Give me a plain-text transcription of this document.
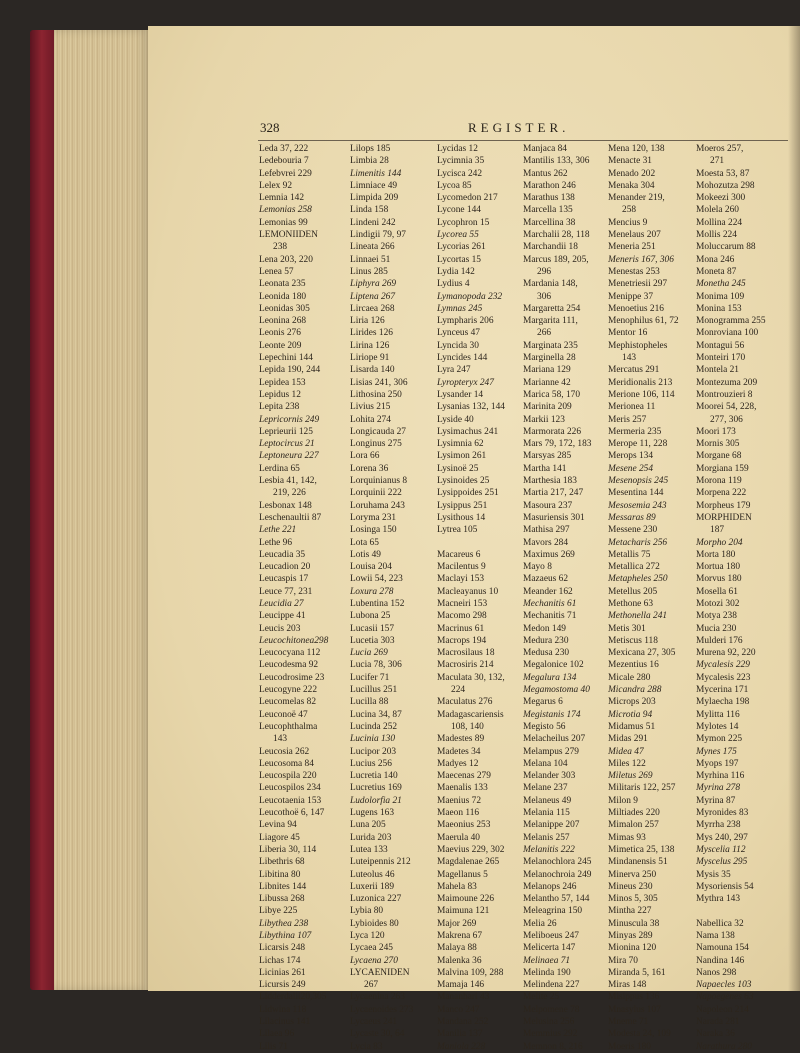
328	REGISTER.
Leda 37, 222
Ledebouria 7
Lefebvrei 229
Lelex 92
Lemnia 142
Lemonias 258
Lemonias 99
LEMONIIDEN
238
Lena 203, 220
Lenea 57
Leonata 235
Leonida 180
Leonidas 305
Leonina 268
Leonis 276
Leonte 209
Lepechini 144
Lepida 190, 244
Lepidea 153
Lepidus 12
Lepita 238
Lepricornis 249
Leprieurii 125
Leptocircus 21
Leptoneura 227
Lerdina 65
Lesbia 41, 142,
219, 226
Lesbonax 148
Leschenaultii 87
Lethe 221
Lethe 96
Leucadia 35
Leucadion 20
Leucaspis 17
Leuce 77, 231
Leucidia 27
Leucippe 41
Leucis 203
Leucochitonea298
Leucocyana 112
Leucodesma 92
Leucodrosime 23
Leucogyne 222
Leucomelas 82
Leuconoë 47
Leucophthalma
143
Leucosia 262
Leucosoma 84
Leucospila 220
Leucospilos 234
Leucotaenia 153
Leucothoë 6, 147
Levina 94
Liagore 45
Liberia 30, 114
Libethris 68
Libitina 80
Libnites 144
Libussa 268
Libye 225
Libythea 238
Libythina 107
Licarsis 248
Lichas 174
Licinias 261
Licursis 249
Lidderdalii20,305
Lidwina 118
Lilacinus 141
Lilaea 96
Lilis 71
Lilops 185
Limbia 28
Limenitis 144
Limniace 49
Limpida 209
Linda 158
Lindeni 242
Lindigii 79, 97
Lineata 266
Linnaei 51
Linus 285
Liphyra 269
Liptena 267
Lircaea 268
Liria 126
Lirides 126
Lirina 126
Liriope 91
Lisarda 140
Lisias 241, 306
Lithosina 250
Livius 215
Lohita 274
Longicauda 27
Longinus 275
Lora 66
Lorena 36
Lorquinianus 8
Lorquinii 222
Loruhama 243
Loryma 231
Losinga 150
Lota 65
Lotis 49
Louisa 204
Lowii 54, 223
Loxura 278
Lubentina 152
Lubona 25
Lucasii 157
Lucetia 303
Lucia 269
Lucia 78, 306
Lucifer 71
Lucillus 251
Lucilla 88
Lucina 34, 87
Lucinda 252
Lucinia 130
Lucipor 203
Lucius 256
Lucretia 140
Lucretius 169
Ludolorfia 21
Lugens 163
Luna 205
Lurida 203
Lutea 133
Luteipennis 212
Luteolus 46
Luxerii 189
Luzonica 227
Lybia 80
Lybioides 80
Lyca 120
Lycaea 245
Lycaena 270
LYCAENIDEN
267
Lycaenina 263
Lycaenoides 273
Lycaeus 241
Lycaste 30, 64
Lycia 83
Lycidas 12
Lycimnia 35
Lycisca 242
Lycoa 85
Lycomedon 217
Lycone 144
Lycophron 15
Lycorea 55
Lycorias 261
Lycortas 15
Lydia 142
Lydius 4
Lymanopoda 232
Lymnas 245
Lympharis 206
Lynceus 47
Lyncida 30
Lyncides 144
Lyra 247
Lyropteryx 247
Lysander 14
Lysanias 132, 144
Lyside 40
Lysimachus 241
Lysimnia 62
Lysimon 261
Lysinoë 25
Lysinoides 25
Lysippoides 251
Lysippus 251
Lysithous 14
Lytrea 105

Macareus 6
Macilentus 9
Maclayi 153
Macleayanus 10
Macneiri 153
Macomo 298
Macrinus 61
Macrops 194
Macrosilaus 18
Macrosiris 214
Maculata 30, 132,
224
Maculatus 276
Madagascariensis
108, 140
Madestes 89
Madetes 34
Madyes 12
Maecenas 279
Maenalis 133
Maenius 72
Maeon 116
Maeonius 253
Maerula 40
Maevius 229, 302
Magdalenae 265
Magellanus 5
Mahela 83
Maimoune 226
Maimuna 121
Major 269
Makrena 67
Malaya 88
Malenka 36
Malvina 109, 288
Mamaja 146
Mananhari 43
Manco 247
Mandana 252
Manilia 137
Maniola 228
Manjaca 84
Mantilis 133, 306
Mantus 262
Marathon 246
Marathus 138
Marcella 135
Marcellina 38
Marchalii 28, 118
Marchandii 18
Marcus 189, 205,
296
Mardania 148,
306
Margaretta 254
Margarita 111,
266
Marginata 235
Marginella 28
Mariana 129
Marianne 42
Marica 58, 170
Marinita 209
Markii 123
Marmorata 226
Mars 79, 172, 183
Marsyas 285
Martha 141
Marthesia 183
Martia 217, 247
Masoura 237
Masuriensis 301
Mathisa 297
Mavors 284
Maximus 269
Mayo 8
Mazaeus 62
Meander 162
Mechanitis 61
Mechanitis 71
Medon 149
Medura 230
Medusa 230
Megalonice 102
Megalura 134
Megamostoma 40
Megarus 6
Megistanis 174
Megisto 56
Melacheilus 207
Melampus 279
Melana 104
Melander 303
Melane 237
Melaneus 49
Melania 115
Melanippe 207
Melanis 257
Melanitis 222
Melanochlora 245
Melanochroia 249
Melanops 246
Melantho 57, 144
Meleagrina 150
Melia 26
Meliboeus 247
Melicerta 147
Melinaea 71
Melinda 190
Melindena 227
Melite 25
Melpomene 78
Melusina 256
Memmius 292
Memnon 8, 216
Mena 120, 138
Menacte 31
Menado 202
Menaka 304
Menander 219,
258
Mencius 9
Menelaus 207
Meneria 251
Meneris 167, 306
Menestas 253
Menetriesii 297
Menippe 37
Menoetius 216
Menophilus 61, 72
Mentor 16
Mephistopheles
143
Mercatus 291
Meridionalis 213
Merione 106, 114
Merionea 11
Meris 257
Mermeria 235
Merope 11, 228
Merops 134
Mesene 254
Mesenopsis 245
Mesentina 144
Mesosemia 243
Messaras 89
Messene 230
Metacharis 256
Metallis 75
Metallica 272
Metapheles 250
Metellus 205
Methone 63
Methonella 241
Metis 301
Metiscus 118
Mexicana 27, 305
Mezentius 16
Micale 280
Micandra 288
Microps 203
Microtia 94
Midamus 51
Midas 291
Midea 47
Miles 122
Miletus 269
Militaris 122, 257
Milon 9
Miltiades 220
Mimalon 257
Mimas 93
Mimetica 25, 138
Mindanensis 51
Minerva 250
Mineus 230
Minos 5, 305
Mintha 227
Minusculа 38
Minyas 289
Mionina 120
Mira 70
Miranda 5, 161
Miras 148
Misippus 136
Mnasylus 107
Mneme 71
Modesta 24, 109
Moeris 180
Moeros 257,
271
Moesta 53, 87
Mohozutza 298
Mokeezi 300
Molela 260
Mollina 224
Mollis 224
Moluccarum 88
Mona 246
Moneta 87
Monetha 245
Monima 109
Monina 153
Monogramma 255
Monroviana 100
Montagui 56
Monteiri 170
Montela 21
Montezuma 209
Montrouzieri 8
Moorei 54, 228,
277, 306
Moori 173
Mornis 305
Morgane 68
Morgiana 159
Morona 119
Morpena 222
Morpheus 179
MORPHIDEN
187
Morpho 204
Morta 180
Mortua 180
Morvus 180
Mosella 61
Motozi 302
Motya 238
Mucia 230
Mulderi 176
Murena 92, 220
Mycalesis 229
Mycalesis 223
Mycerina 171
Mylaecha 198
Mylitta 116
Mylotes 14
Mymon 225
Mynes 175
Myops 197
Myrhina 116
Myrina 278
Myrina 87
Myronides 83
Myrrha 238
Mys 240, 297
Myscelia 112
Myscelus 295
Mysis 35
Mysoriensis 54
Mythra 143

Nabellica 32
Nama 138
Namouna 154
Nandina 146
Nanos 298
Napaecles 103
Napoegenes 63
Napoleon 214
Narada 281
Naraka 36
Narathura 280
